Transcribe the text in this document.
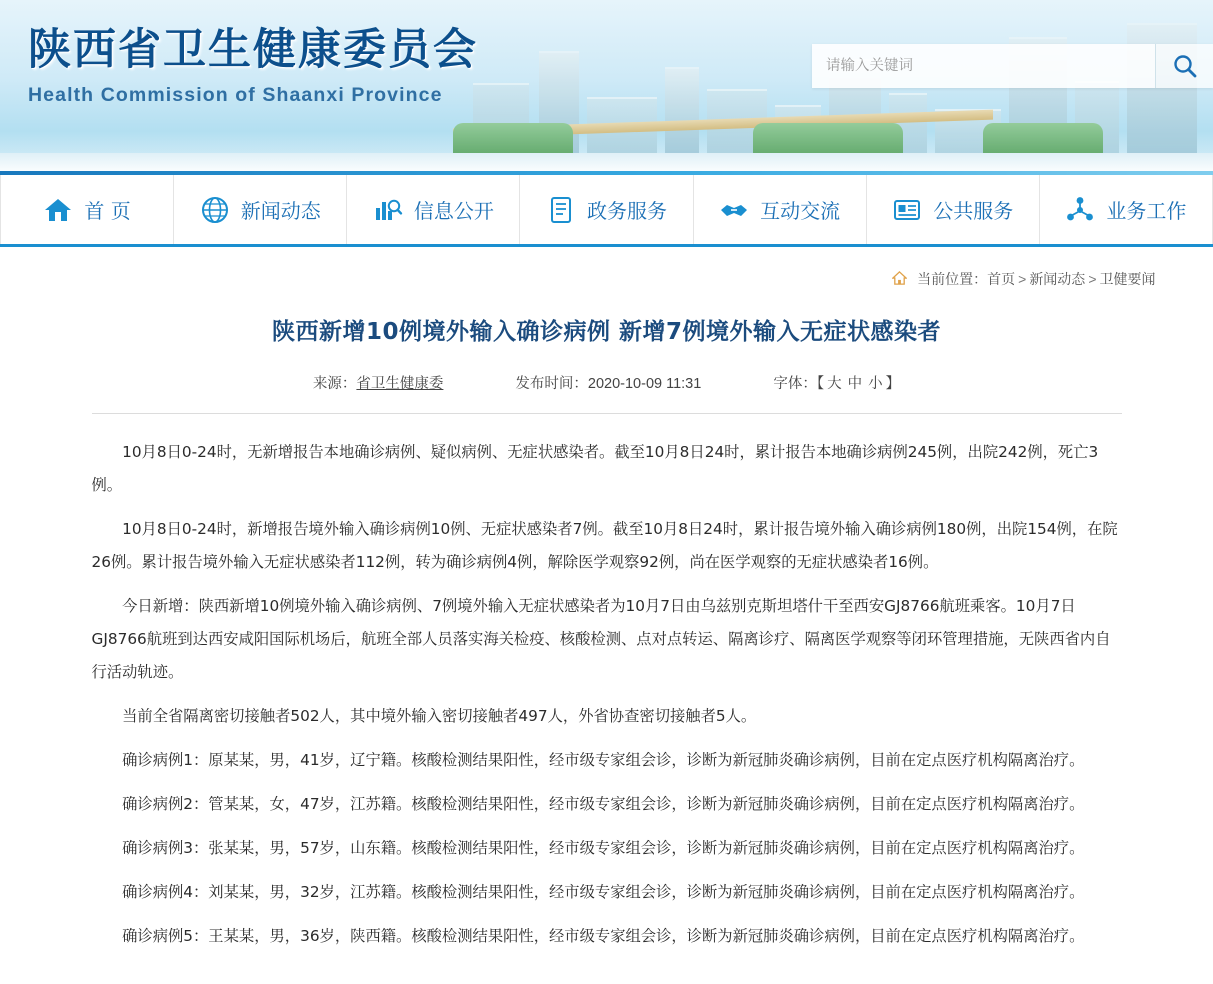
陕西省卫生健康委员会
Health Commission of Shaanxi Province
请输入关键词
首 页	新闻动态	信息公开	政务服务	互动交流	公共服务	业务工作
当前位置：首页 > 新闻动态 > 卫健要闻
陕西新增10例境外输入确诊病例 新增7例境外输入无症状感染者
来源：省卫生健康委	发布时间：2020-10-09 11:31	字体：【 大 中 小 】

10月8日0-24时，无新增报告本地确诊病例、疑似病例、无症状感染者。截至10月8日24时，累计报告本地确诊病例245例，出院242例，死亡3例。

10月8日0-24时，新增报告境外输入确诊病例10例、无症状感染者7例。截至10月8日24时，累计报告境外输入确诊病例180例，出院154例，在院26例。累计报告境外输入无症状感染者112例，转为确诊病例4例，解除医学观察92例，尚在医学观察的无症状感染者16例。

今日新增：陕西新增10例境外输入确诊病例、7例境外输入无症状感染者为10月7日由乌兹别克斯坦塔什干至西安GJ8766航班乘客。10月7日GJ8766航班到达西安咸阳国际机场后，航班全部人员落实海关检疫、核酸检测、点对点转运、隔离诊疗、隔离医学观察等闭环管理措施，无陕西省内自行活动轨迹。

当前全省隔离密切接触者502人，其中境外输入密切接触者497人，外省协查密切接触者5人。

确诊病例1：原某某，男，41岁，辽宁籍。核酸检测结果阳性，经市级专家组会诊，诊断为新冠肺炎确诊病例，目前在定点医疗机构隔离治疗。

确诊病例2：管某某，女，47岁，江苏籍。核酸检测结果阳性，经市级专家组会诊，诊断为新冠肺炎确诊病例，目前在定点医疗机构隔离治疗。

确诊病例3：张某某，男，57岁，山东籍。核酸检测结果阳性，经市级专家组会诊，诊断为新冠肺炎确诊病例，目前在定点医疗机构隔离治疗。

确诊病例4：刘某某，男，32岁，江苏籍。核酸检测结果阳性，经市级专家组会诊，诊断为新冠肺炎确诊病例，目前在定点医疗机构隔离治疗。

确诊病例5：王某某，男，36岁，陕西籍。核酸检测结果阳性，经市级专家组会诊，诊断为新冠肺炎确诊病例，目前在定点医疗机构隔离治疗。
